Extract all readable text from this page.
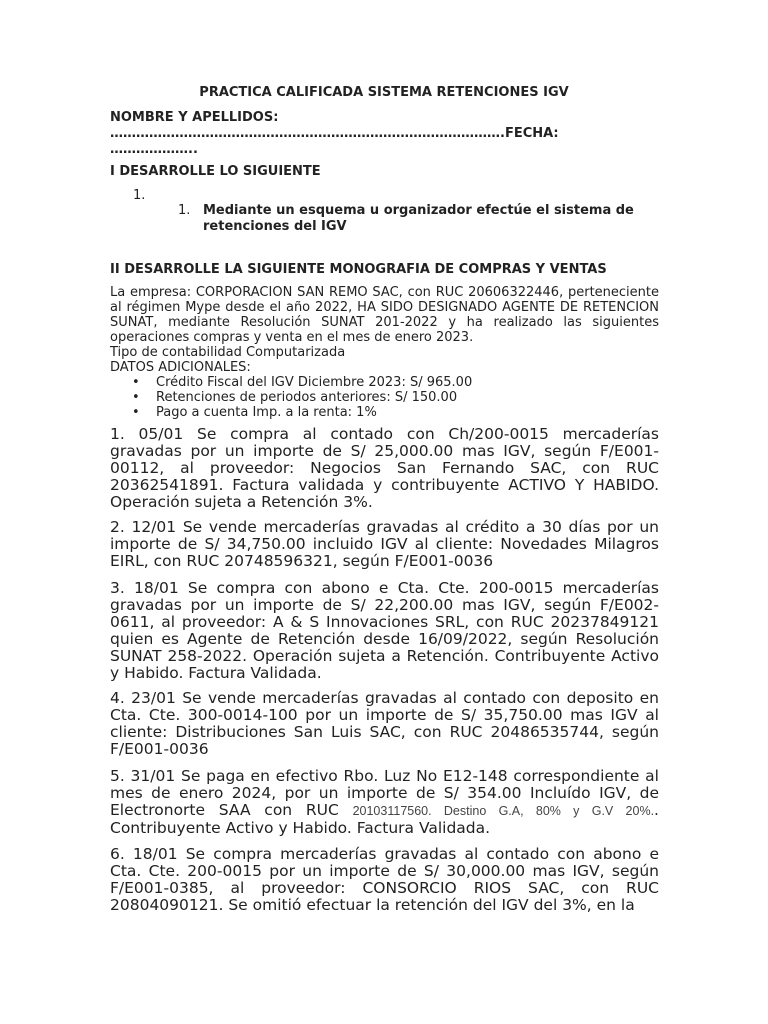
PRACTICA CALIFICADA SISTEMA RETENCIONES IGV
NOMBRE Y APELLIDOS:
……………………………………………………………………………….FECHA:
………………..
I DESARROLLE LO SIGUIENTE
1.
1. Mediante un esquema u organizador efectúe el sistema de retenciones del IGV
II DESARROLLE LA SIGUIENTE MONOGRAFIA DE COMPRAS Y VENTAS
La empresa: CORPORACION SAN REMO SAC, con RUC 20606322446, perteneciente al régimen Mype desde el año 2022, HA SIDO DESIGNADO AGENTE DE RETENCION SUNAT, mediante Resolución SUNAT 201-2022 y ha realizado las siguientes operaciones compras y venta en el mes de enero 2023.
Tipo de contabilidad Computarizada
DATOS ADICIONALES:
• Crédito Fiscal del IGV Diciembre 2023: S/ 965.00
• Retenciones de periodos anteriores: S/ 150.00
• Pago a cuenta Imp. a la renta: 1%
1. 05/01 Se compra al contado con Ch/200-0015 mercaderías gravadas por un importe de S/ 25,000.00 mas IGV, según F/E001-00112, al proveedor: Negocios San Fernando SAC, con RUC 20362541891. Factura validada y contribuyente ACTIVO Y HABIDO. Operación sujeta a Retención 3%.
2. 12/01 Se vende mercaderías gravadas al crédito a 30 días por un importe de S/ 34,750.00 incluido IGV al cliente: Novedades Milagros EIRL, con RUC 20748596321, según F/E001-0036
3. 18/01 Se compra con abono e Cta. Cte. 200-0015 mercaderías gravadas por un importe de S/ 22,200.00 mas IGV, según F/E002-0611, al proveedor: A & S Innovaciones SRL, con RUC 20237849121 quien es Agente de Retención desde 16/09/2022, según Resolución SUNAT 258-2022. Operación sujeta a Retención. Contribuyente Activo y Habido. Factura Validada.
4. 23/01 Se vende mercaderías gravadas al contado con deposito en Cta. Cte. 300-0014-100 por un importe de S/ 35,750.00 mas IGV al cliente: Distribuciones San Luis SAC, con RUC 20486535744, según F/E001-0036
5. 31/01 Se paga en efectivo Rbo. Luz No E12-148 correspondiente al mes de enero 2024, por un importe de S/ 354.00 Incluído IGV, de Electronorte SAA con RUC 20103117560. Destino G.A, 80% y G.V 20%.. Contribuyente Activo y Habido. Factura Validada.
6. 18/01 Se compra mercaderías gravadas al contado con abono e Cta. Cte. 200-0015 por un importe de S/ 30,000.00 mas IGV, según F/E001-0385, al proveedor: CONSORCIO RIOS SAC, con RUC 20804090121. Se omitió efectuar la retención del IGV del 3%, en la
